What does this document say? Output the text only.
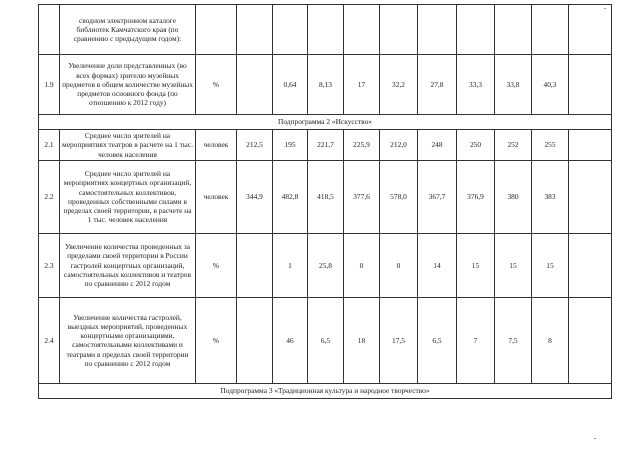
	сводном электронном каталоге библиотек Камчатского края (по сравнению с предыдущим годом):											
1.9	Увеличение доли представленных (во всех формах) зрителю музейных предметов в общем количестве музейных предметов основного фонда (по отношению к 2012 году)	%		0,64	8,13	17	32,2	27,8	33,3	33,8	40,3	
Подпрограмма 2 «Искусство»												
2.1	Среднее число зрителей на мероприятиях театров в расчете на 1 тыс. человек населения	человек	212,5	195	221,7	225,9	212,0	248	250	252	255	
2.2	Среднее число зрителей на мероприятиях концертных организаций, самостоятельных коллективов, проведенных собственными силами в пределах своей территории, в расчете на 1 тыс. человек населения	человек	344,9	482,8	418,5	377,6	578,0	367,7	376,9	380	383	
2.3	Увеличение количества проведенных за пределами своей территории в России гастролей концертных организаций, самостоятельных коллективов и театров по сравнению с 2012 годом	%		1	25,8	0	0	14	15	15	15	
2.4	Увеличение количества гастролей, выездных мероприятий, проведенных концертными организациями, самостоятельными коллективами и театрами в пределах своей территории по сравнению с 2012 годом	%		46	6,5	18	17,5	6,5	7	7,5	8	
Подпрограмма 3 «Традиционная культура и народное творчество»												
